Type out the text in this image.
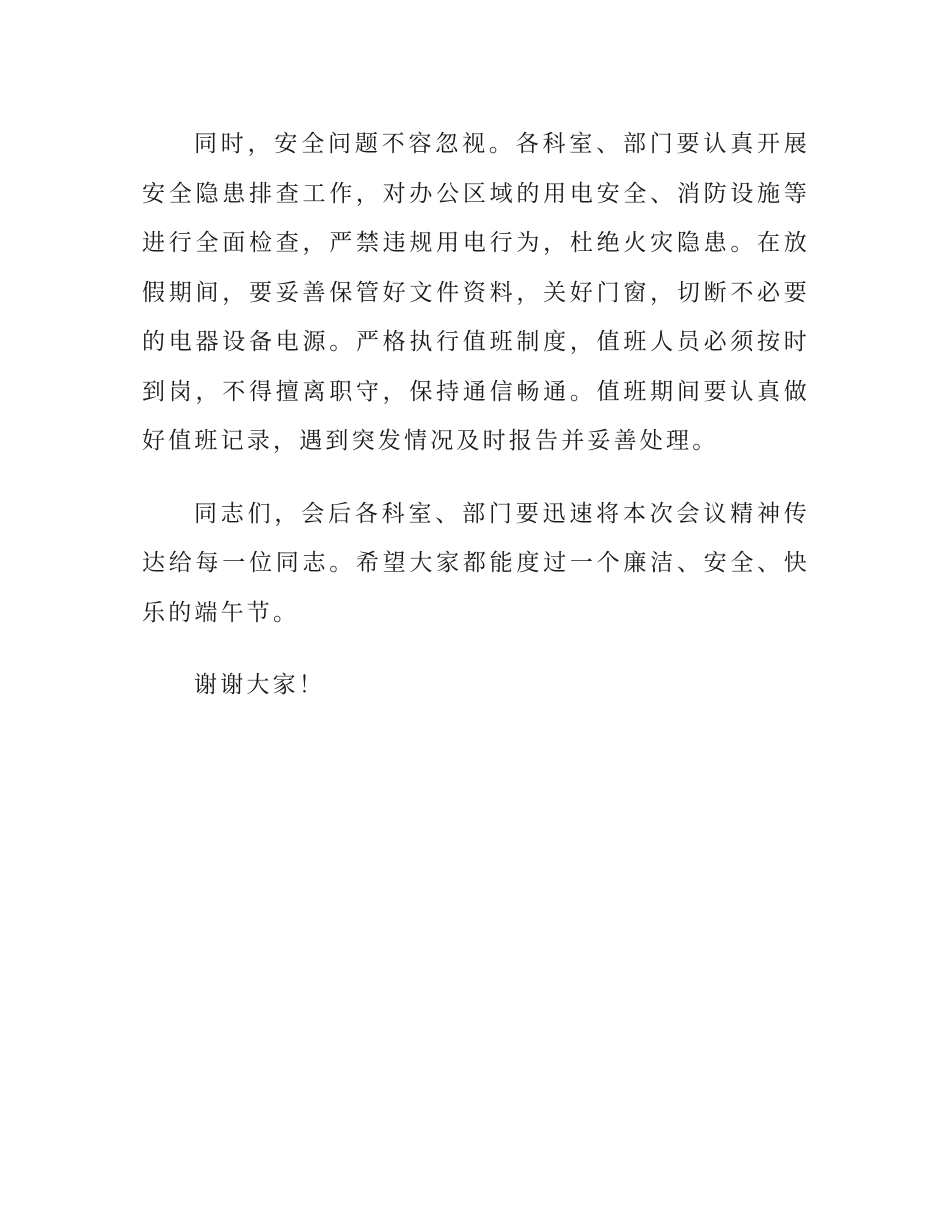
同时，安全问题不容忽视。各科室、部门要认真开展安全隐患排查工作，对办公区域的用电安全、消防设施等进行全面检查，严禁违规用电行为，杜绝火灾隐患。在放假期间，要妥善保管好文件资料，关好门窗，切断不必要的电器设备电源。严格执行值班制度，值班人员必须按时到岗，不得擅离职守，保持通信畅通。值班期间要认真做好值班记录，遇到突发情况及时报告并妥善处理。

同志们，会后各科室、部门要迅速将本次会议精神传达给每一位同志。希望大家都能度过一个廉洁、安全、快乐的端午节。

谢谢大家！
